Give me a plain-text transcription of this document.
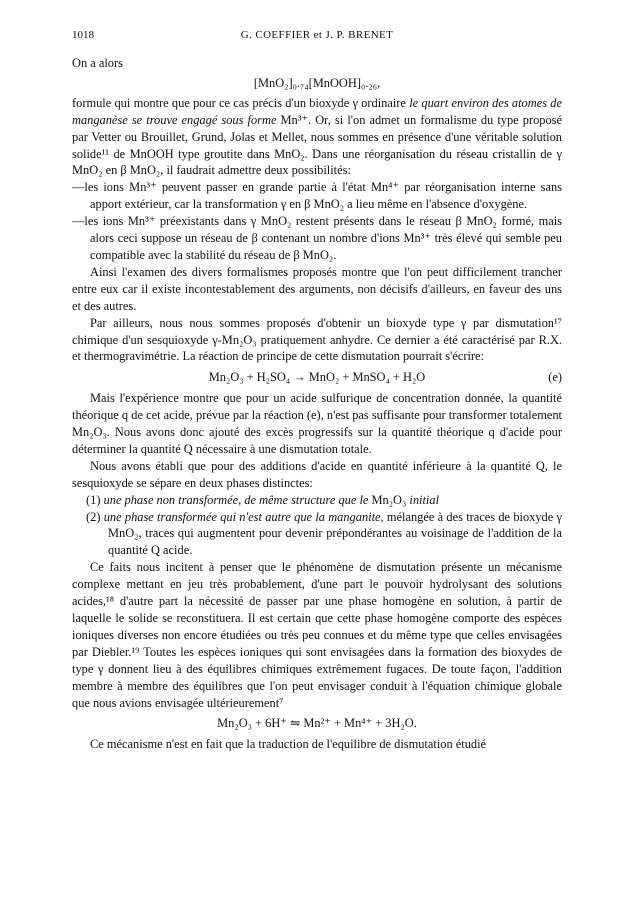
1018	G. COEFFIER et J. P. BRENET

On a alors

[MnO₂]₀.₇₄[MnOOH]₀.₂₆,

formule qui montre que pour ce cas précis d'un bioxyde γ ordinaire le quart environ des atomes de manganèse se trouve engagé sous forme Mn³⁺. Or, si l'on admet un formalisme du type proposé par Vetter ou Brouillet, Grund, Jolas et Mellet, nous sommes en présence d'une véritable solution solide¹¹ de MnOOH type groutite dans MnO₂. Dans une réorganisation du réseau cristallin de γ MnO₂ en β MnO₂, il faudrait admettre deux possibilités:

—les ions Mn³⁺ peuvent passer en grande partie à l'état Mn⁴⁺ par réorganisation interne sans apport extérieur, car la transformation γ en β MnO₂ a lieu même en l'absence d'oxygène.

—les ions Mn³⁺ préexistants dans γ MnO₂ restent présents dans le réseau β MnO₂ formé, mais alors ceci suppose un réseau de β contenant un nombre d'ions Mn³⁺ très élevé qui semble peu compatible avec la stabilité du réseau de β MnO₂.

Ainsi l'examen des divers formalismes proposés montre que l'on peut difficilement trancher entre eux car il existe incontestablement des arguments, non décisifs d'ailleurs, en faveur des uns et des autres.

Par ailleurs, nous nous sommes proposés d'obtenir un bioxyde type γ par dismutation¹⁷ chimique d'un sesquioxyde γ-Mn₂O₃ pratiquement anhydre. Ce dernier a été caractérisé par R.X. et thermogravimétrie. La réaction de principe de cette dismutation pourrait s'écrire:

Mn₂O₃ + H₂SO₄ → MnO₂ + MnSO₄ + H₂O	(e)

Mais l'expérience montre que pour un acide sulfurique de concentration donnée, la quantité théorique q de cet acide, prévue par la réaction (e), n'est pas suffisante pour transformer totalement Mn₂O₃. Nous avons donc ajouté des excès progressifs sur la quantité théorique q d'acide pour déterminer la quantité Q nécessaire à une dismutation totale.

Nous avons établi que pour des additions d'acide en quantité inférieure à la quantité Q, le sesquioxyde se sépare en deux phases distinctes:

(1) une phase non transformée, de même structure que le Mn₂O₃ initial

(2) une phase transformée qui n'est autre que la manganite, mélangée à des traces de bioxyde γ MnO₂, traces qui augmentent pour devenir prépondérantes au voisinage de l'addition de la quantité Q acide.

Ce faits nous incitent à penser que le phénomène de dismutation présente un mécanisme complexe mettant en jeu très probablement, d'une part le pouvoir hydrolysant des solutions acides,¹⁸ d'autre part la nécessité de passer par une phase homogène en solution, à partir de laquelle le solide se reconstituera. Il est certain que cette phase homogène comporte des espèces ioniques diverses non encore étudiées ou très peu connues et du même type que celles envisagées par Diebler.¹⁹ Toutes les espèces ioniques qui sont envisagées dans la formation des bioxydes de type γ donnent lieu à des équilibres chimiques extrêmement fugaces. De toute façon, l'addition membre à membre des équilibres que l'on peut envisager conduit à l'équation chimique globale que nous avions envisagée ultérieurement⁷

Mn₂O₃ + 6H⁺ ⇋ Mn²⁺ + Mn⁴⁺ + 3H₂O.

Ce mécanisme n'est en fait que la traduction de l'equilibre de dismutation étudié
